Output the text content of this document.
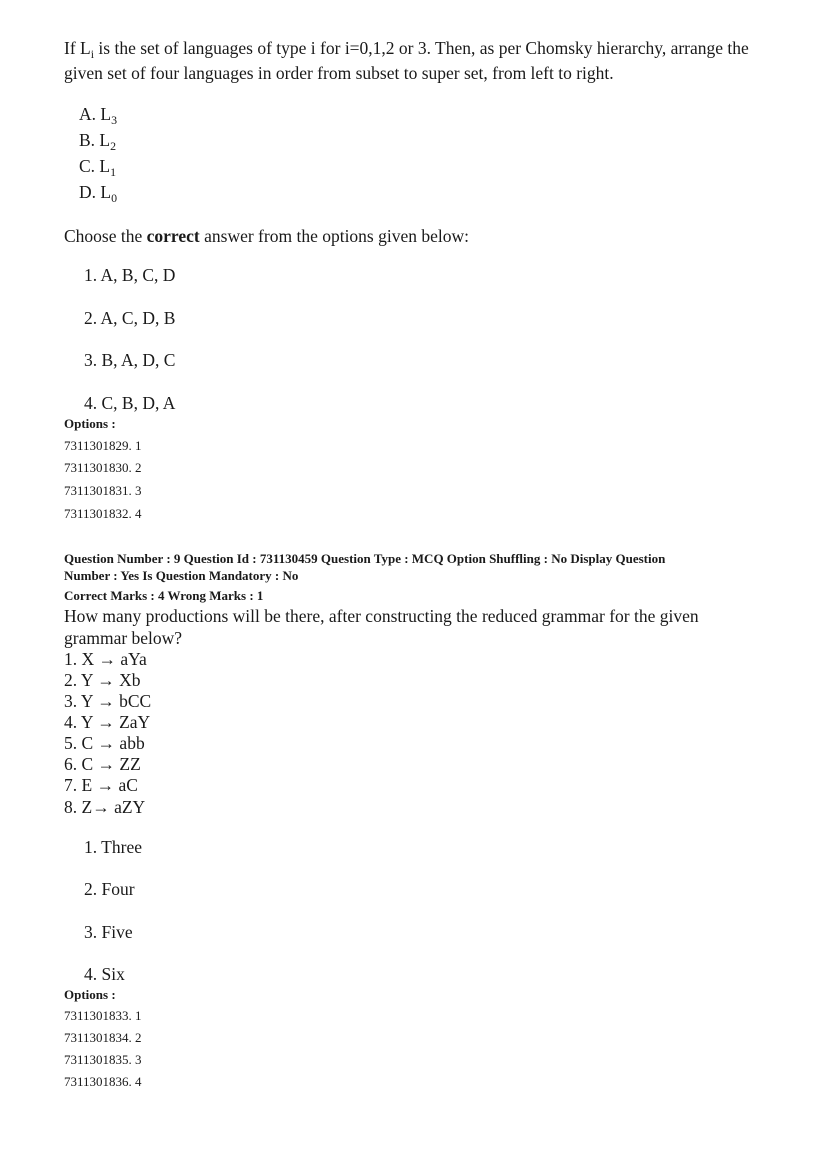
If $L_i$ is the set of languages of type i for i=0,1,2 or 3. Then, as per Chomsky hierarchy, arrange the
given set of four languages in order from subset to super set, from left to right.
A. $L_3$
B. $L_2$
C. $L_1$
D. $L_0$
Choose the correct answer from the options given below:
1. A, B, C, D
2. A, C, D, B
3. B, A, D, C
4. C, B, D, A
Options :
7311301829. 1
7311301830. 2
7311301831. 3
7311301832. 4
Question Number : 9 Question Id : 731130459 Question Type : MCQ Option Shuffling : No Display Question
Number : Yes Is Question Mandatory : No
Correct Marks : 4 Wrong Marks : 1
How many productions will be there, after constructing the reduced grammar for the given
grammar below?
1. X → aYa
2. Y → Xb
3. Y → bCC
4. Y → ZaY
5. C → abb
6. C → ZZ
7. E → aC
8. Z→ aZY
1. Three
2. Four
3. Five
4. Six
Options :
7311301833. 1
7311301834. 2
7311301835. 3
7311301836. 4
